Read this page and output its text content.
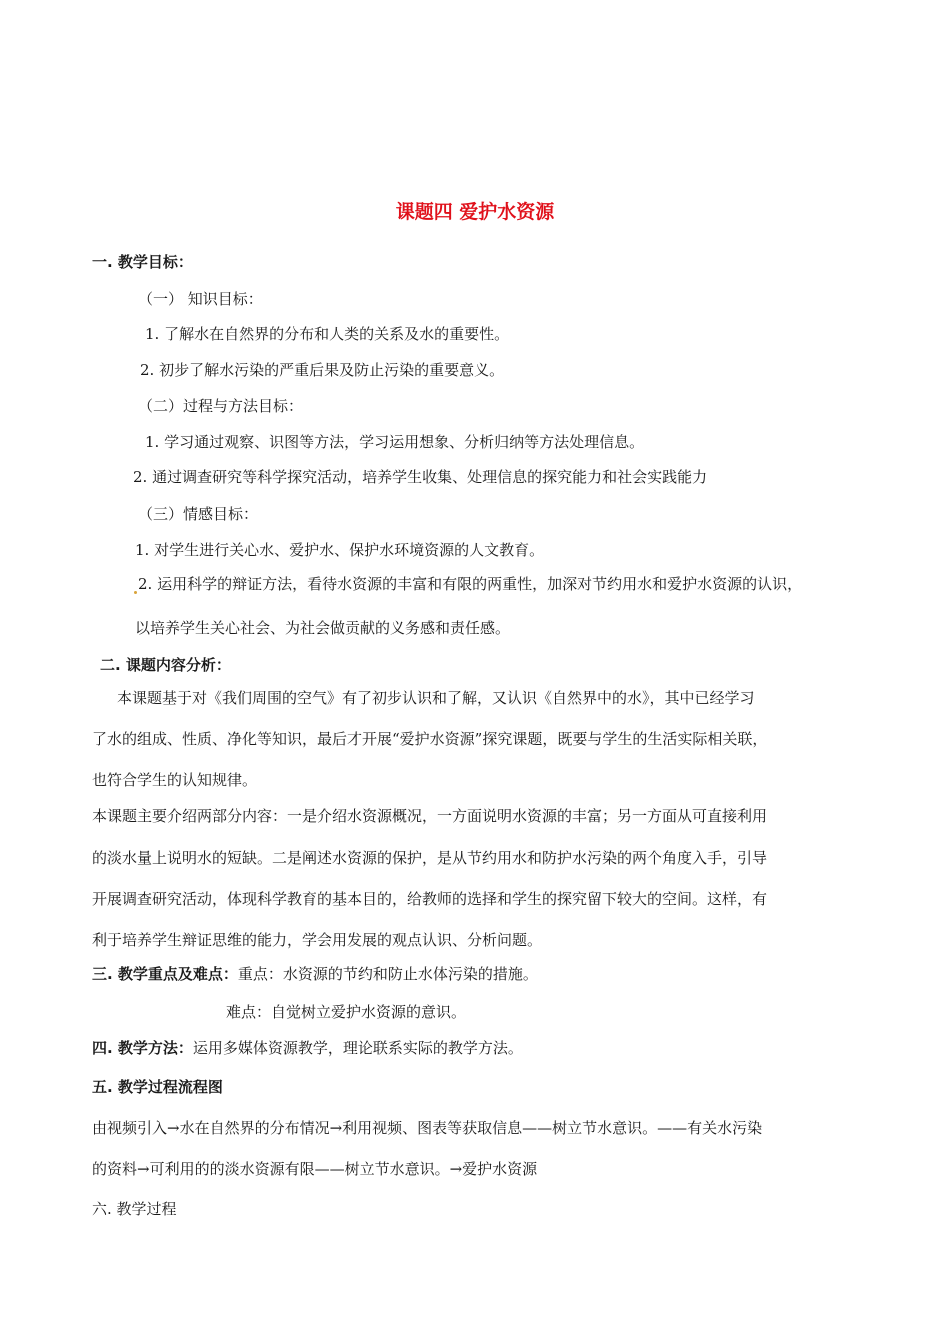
课题四 爱护水资源
一. 教学目标：
（一） 知识目标：
1. 了解水在自然界的分布和人类的关系及水的重要性。
2. 初步了解水污染的严重后果及防止污染的重要意义。
（二）过程与方法目标：
1. 学习通过观察、识图等方法，学习运用想象、分析归纳等方法处理信息。
2. 通过调查研究等科学探究活动，培养学生收集、处理信息的探究能力和社会实践能力
（三）情感目标：
1. 对学生进行关心水、爱护水、保护水环境资源的人文教育。
2. 运用科学的辩证方法，看待水资源的丰富和有限的两重性，加深对节约用水和爱护水资源的认识，
以培养学生关心社会、为社会做贡献的义务感和责任感。
二. 课题内容分析：
本课题基于对《我们周围的空气》有了初步认识和了解，又认识《自然界中的水》，其中已经学习
了水的组成、性质、净化等知识，最后才开展“爱护水资源”探究课题，既要与学生的生活实际相关联，
也符合学生的认知规律。
本课题主要介绍两部分内容：一是介绍水资源概况，一方面说明水资源的丰富；另一方面从可直接利用
的淡水量上说明水的短缺。二是阐述水资源的保护，是从节约用水和防护水污染的两个角度入手，引导
开展调查研究活动，体现科学教育的基本目的，给教师的选择和学生的探究留下较大的空间。这样，有
利于培养学生辩证思维的能力，学会用发展的观点认识、分析问题。
三. 教学重点及难点：重点：水资源的节约和防止水体污染的措施。
难点：自觉树立爱护水资源的意识。
四. 教学方法：运用多媒体资源教学，理论联系实际的教学方法。
五. 教学过程流程图
由视频引入→水在自然界的分布情况→利用视频、图表等获取信息——树立节水意识。——有关水污染
的资料→可利用的的淡水资源有限——树立节水意识。→爱护水资源
六. 教学过程
